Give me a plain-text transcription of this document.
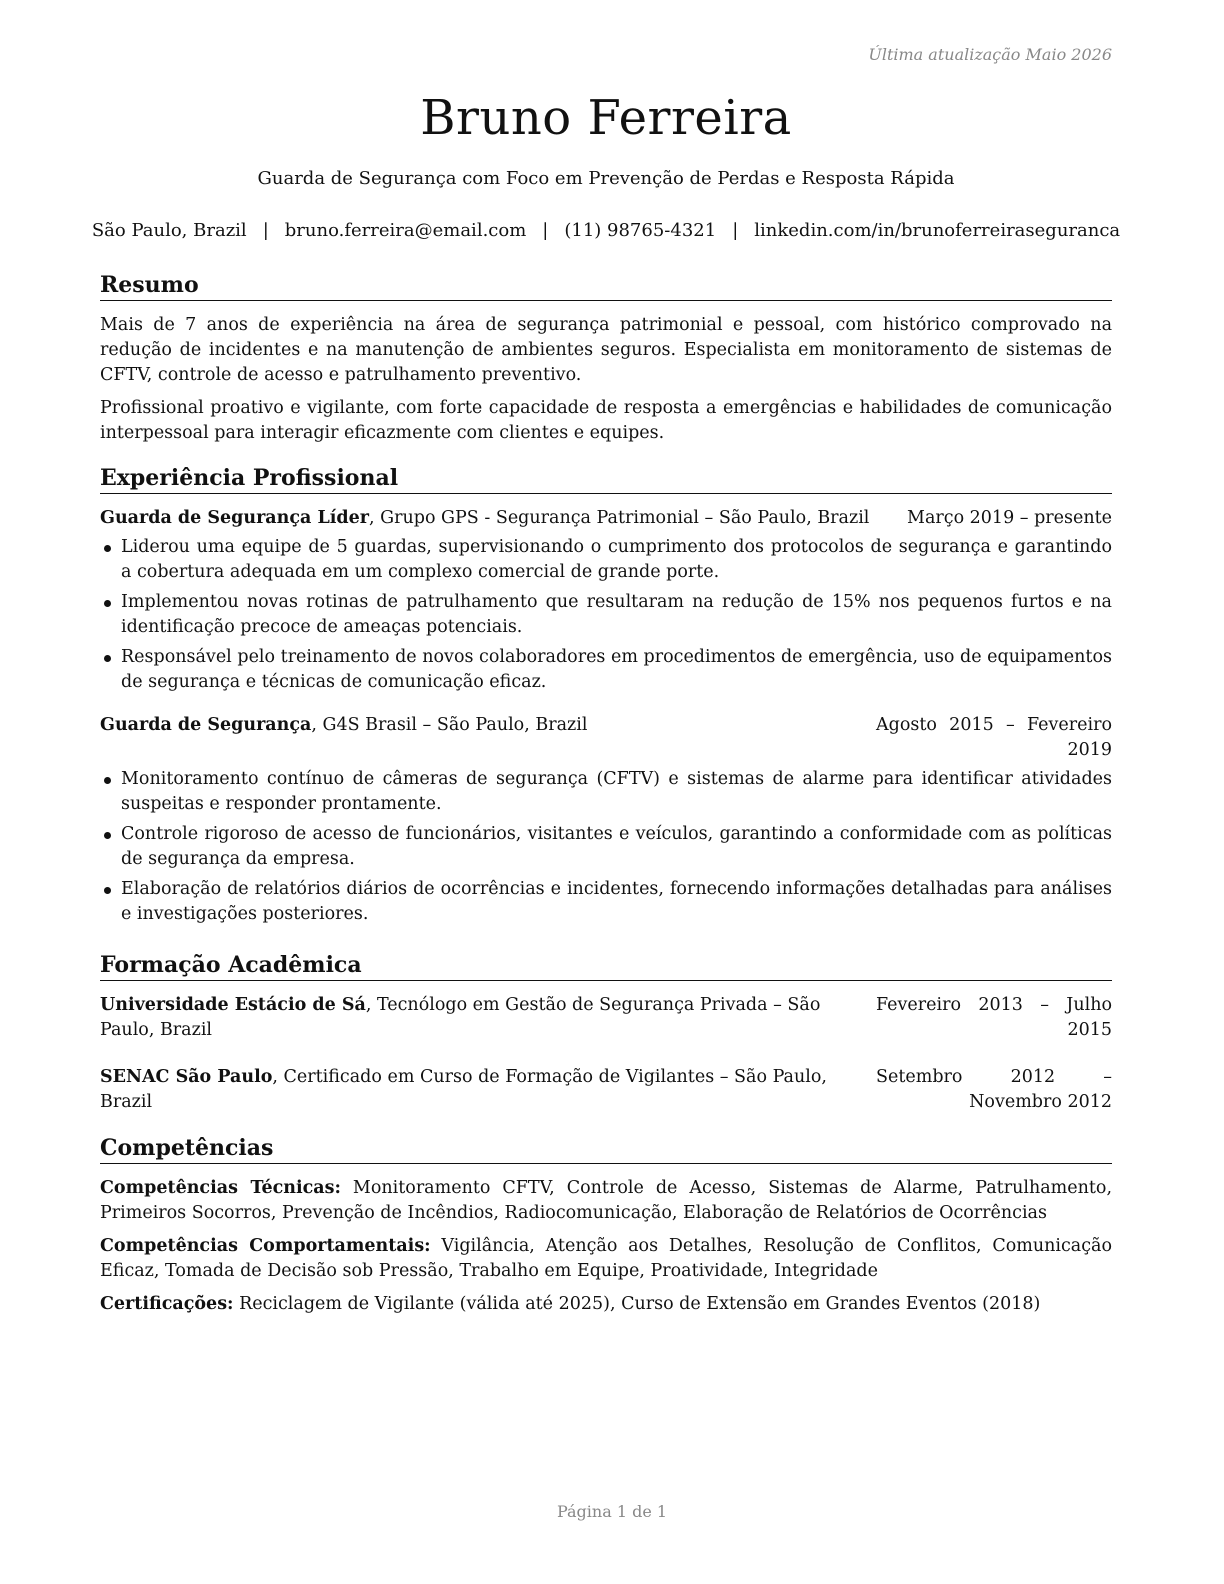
Última atualização Maio 2026
Bruno Ferreira
Guarda de Segurança com Foco em Prevenção de Perdas e Resposta Rápida
São Paulo, Brazil | bruno.ferreira@email.com | (11) 98765-4321 | linkedin.com/in/brunoferreiraseguranca
Resumo

Mais de 7 anos de experiência na área de segurança patrimonial e pessoal, com histórico comprovado na redução de incidentes e na manutenção de ambientes seguros. Especialista em monitoramento de sistemas de CFTV, controle de acesso e patrulhamento preventivo.

Profissional proativo e vigilante, com forte capacidade de resposta a emergências e habilidades de comunicação interpessoal para interagir eficazmente com clientes e equipes.

Experiência Profissional
Guarda de Segurança Líder, Grupo GPS - Segurança Patrimonial – São Paulo, Brazil	Março 2019 – presente
Liderou uma equipe de 5 guardas, supervisionando o cumprimento dos protocolos de segurança e garantindo a cobertura adequada em um complexo comercial de grande porte.
Implementou novas rotinas de patrulhamento que resultaram na redução de 15% nos pequenos furtos e na identificação precoce de ameaças potenciais.
Responsável pelo treinamento de novos colaboradores em procedimentos de emergência, uso de equipamentos de segurança e técnicas de comunicação eficaz.
Guarda de Segurança, G4S Brasil – São Paulo, Brazil	Agosto 2015 – Fevereiro 2019
Monitoramento contínuo de câmeras de segurança (CFTV) e sistemas de alarme para identificar atividades suspeitas e responder prontamente.
Controle rigoroso de acesso de funcionários, visitantes e veículos, garantindo a conformidade com as políticas de segurança da empresa.
Elaboração de relatórios diários de ocorrências e incidentes, fornecendo informações detalhadas para análises e investigações posteriores.
Formação Acadêmica
Universidade Estácio de Sá, Tecnólogo em Gestão de Segurança Privada – São Paulo, Brazil
Fevereiro 2013 – Julho 2015
SENAC São Paulo, Certificado em Curso de Formação de Vigilantes – São Paulo, Brazil
Setembro 2012 – Novembro 2012
Competências

Competências Técnicas: Monitoramento CFTV, Controle de Acesso, Sistemas de Alarme, Patrulhamento, Primeiros Socorros, Prevenção de Incêndios, Radiocomunicação, Elaboração de Relatórios de Ocorrências

Competências Comportamentais: Vigilância, Atenção aos Detalhes, Resolução de Conflitos, Comunicação Eficaz, Tomada de Decisão sob Pressão, Trabalho em Equipe, Proatividade, Integridade

Certificações: Reciclagem de Vigilante (válida até 2025), Curso de Extensão em Grandes Eventos (2018)

Página 1 de 1
